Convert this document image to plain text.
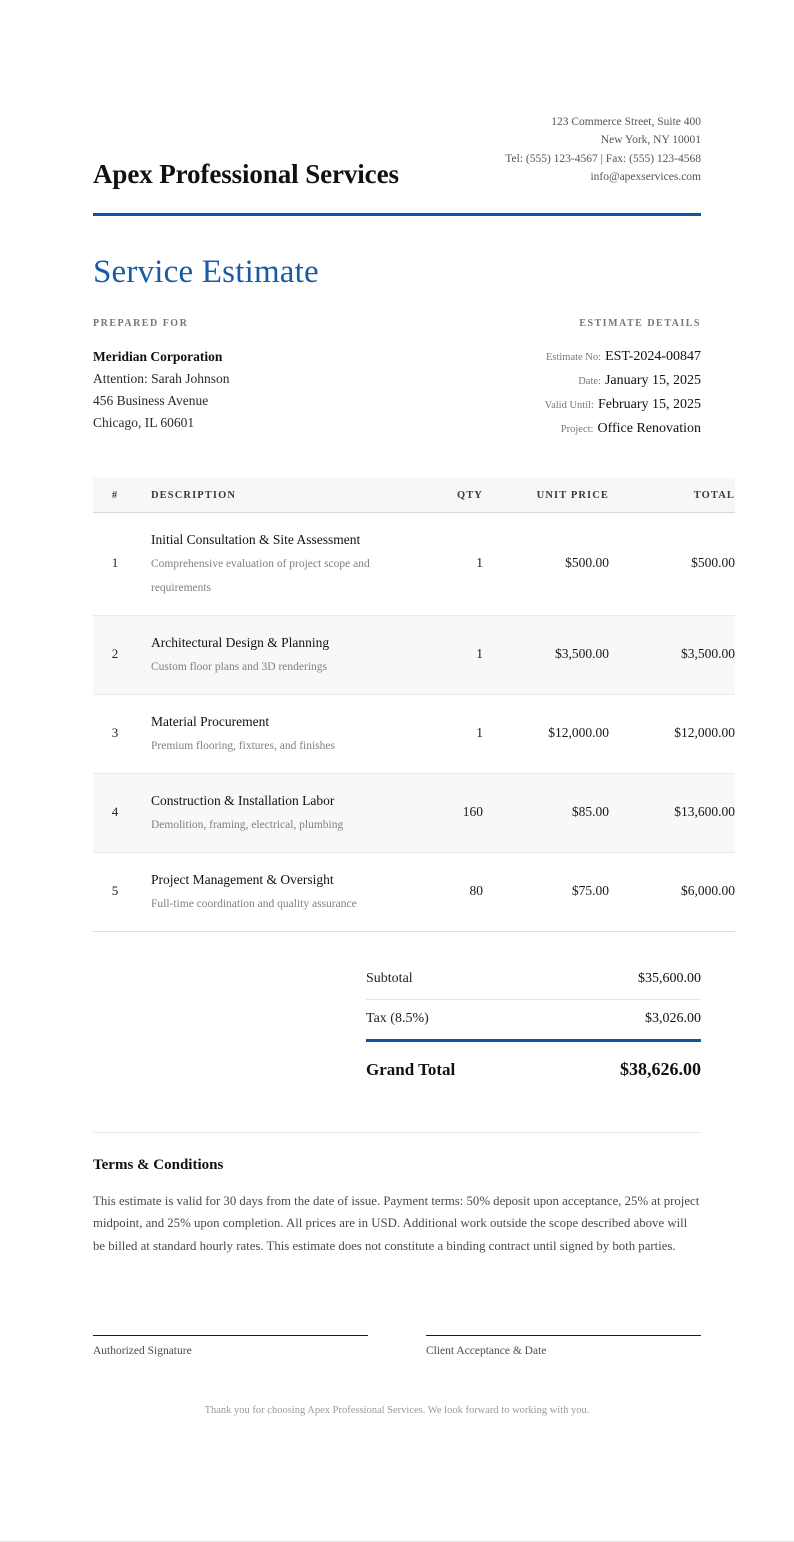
Apex Professional Services
123 Commerce Street, Suite 400
New York, NY 10001
Tel: (555) 123-4567 | Fax: (555) 123-4568
info@apexservices.com
Service Estimate
PREPARED FOR
Meridian Corporation
Attention: Sarah Johnson
456 Business Avenue
Chicago, IL 60601
ESTIMATE DETAILS
Estimate No: EST-2024-00847
Date: January 15, 2025
Valid Until: February 15, 2025
Project: Office Renovation
#	DESCRIPTION	QTY	UNIT PRICE	TOTAL
1	Initial Consultation & Site Assessment
Comprehensive evaluation of project scope and requirements	1	$500.00	$500.00
2	Architectural Design & Planning
Custom floor plans and 3D renderings	1	$3,500.00	$3,500.00
3	Material Procurement
Premium flooring, fixtures, and finishes	1	$12,000.00	$12,000.00
4	Construction & Installation Labor
Demolition, framing, electrical, plumbing	160	$85.00	$13,600.00
5	Project Management & Oversight
Full-time coordination and quality assurance	80	$75.00	$6,000.00
Subtotal	$35,600.00
Tax (8.5%)	$3,026.00
Grand Total	$38,626.00
Terms & Conditions
This estimate is valid for 30 days from the date of issue. Payment terms: 50% deposit upon acceptance, 25% at project midpoint, and 25% upon completion. All prices are in USD. Additional work outside the scope described above will be billed at standard hourly rates. This estimate does not constitute a binding contract until signed by both parties.
Authorized Signature	Client Acceptance & Date
Thank you for choosing Apex Professional Services. We look forward to working with you.
